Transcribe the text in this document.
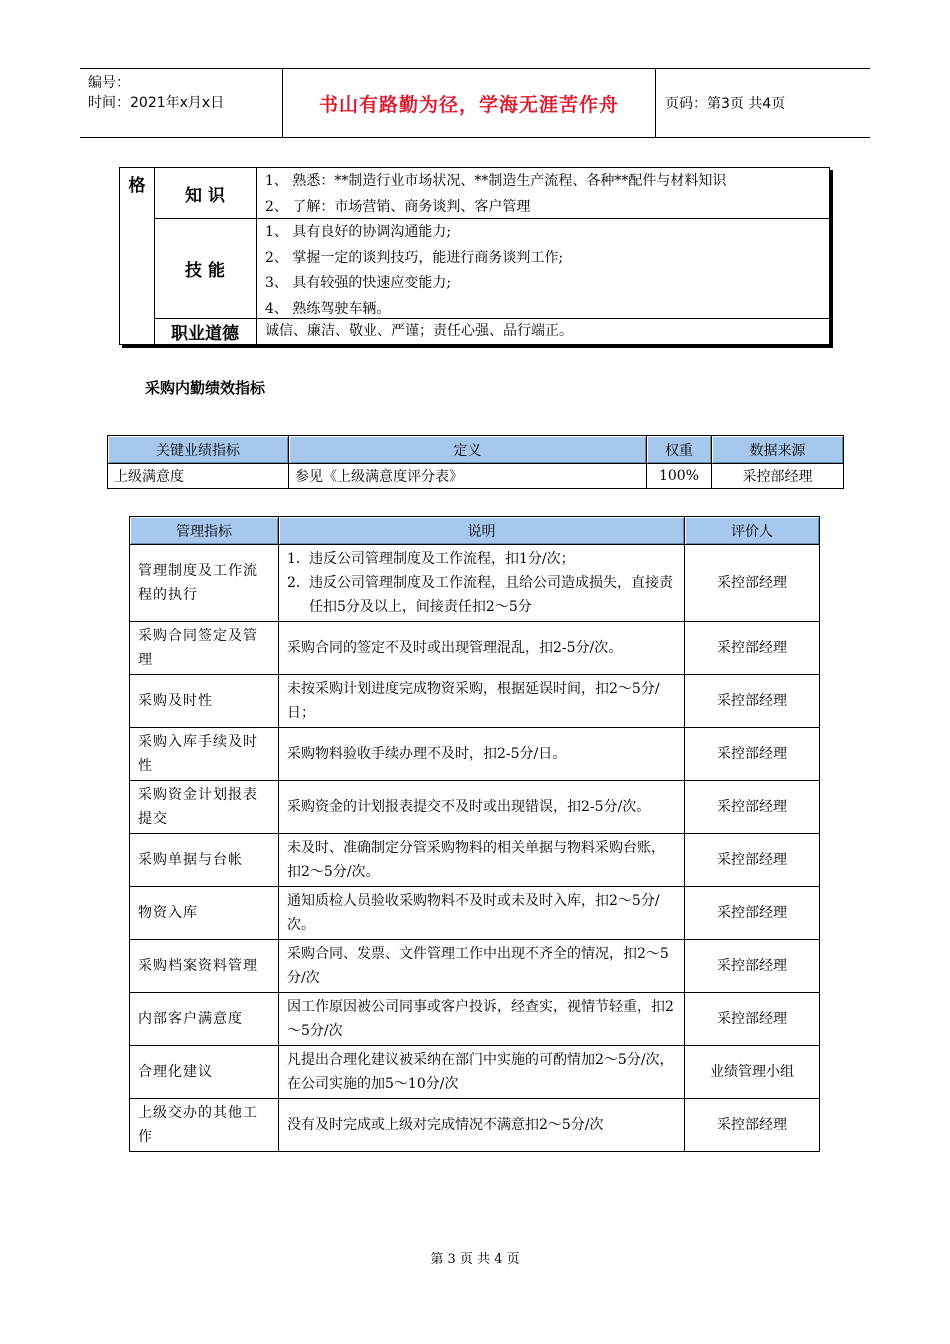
编号：
时间：2021年x月x日	书山有路勤为径，学海无涯苦作舟	页码：第3页 共4页
格	知 识
1、 熟悉：**制造行业市场状况、**制造生产流程、各种**配件与材料知识
2、 了解：市场营销、商务谈判、客户管理
技 能
1、 具有良好的协调沟通能力;
2、 掌握一定的谈判技巧，能进行商务谈判工作;
3、 具有较强的快速应变能力;
4、 熟练驾驶车辆。
职业道德	诚信、廉洁、敬业、严谨；责任心强、品行端正。
采购内勤绩效指标
关键业绩指标	定义	权重	数据来源
上级满意度	参见《上级满意度评分表》	100%	采控部经理
管理指标	说明	评价人
管理制度及工作流程的执行	1. 违反公司管理制度及工作流程，扣1分/次；
2. 违反公司管理制度及工作流程，且给公司造成损失，直接责任扣5分及以上，间接责任扣2～5分	采控部经理
采购合同签定及管理	采购合同的签定不及时或出现管理混乱，扣2-5分/次。	采控部经理
采购及时性	未按采购计划进度完成物资采购，根据延误时间，扣2～5分/日；	采控部经理
采购入库手续及时性	采购物料验收手续办理不及时，扣2-5分/日。	采控部经理
采购资金计划报表提交	采购资金的计划报表提交不及时或出现错误，扣2-5分/次。	采控部经理
采购单据与台帐	未及时、准确制定分管采购物料的相关单据与物料采购台账，扣2～5分/次。	采控部经理
物资入库	通知质检人员验收采购物料不及时或未及时入库，扣2～5分/次。	采控部经理
采购档案资料管理	采购合同、发票、文件管理工作中出现不齐全的情况，扣2～5分/次	采控部经理
内部客户满意度	因工作原因被公司同事或客户投诉，经查实，视情节轻重，扣2～5分/次	采控部经理
合理化建议	凡提出合理化建议被采纳在部门中实施的可酌情加2～5分/次，在公司实施的加5～10分/次	业绩管理小组
上级交办的其他工作	没有及时完成或上级对完成情况不满意扣2～5分/次	采控部经理
第 3 页 共 4 页
